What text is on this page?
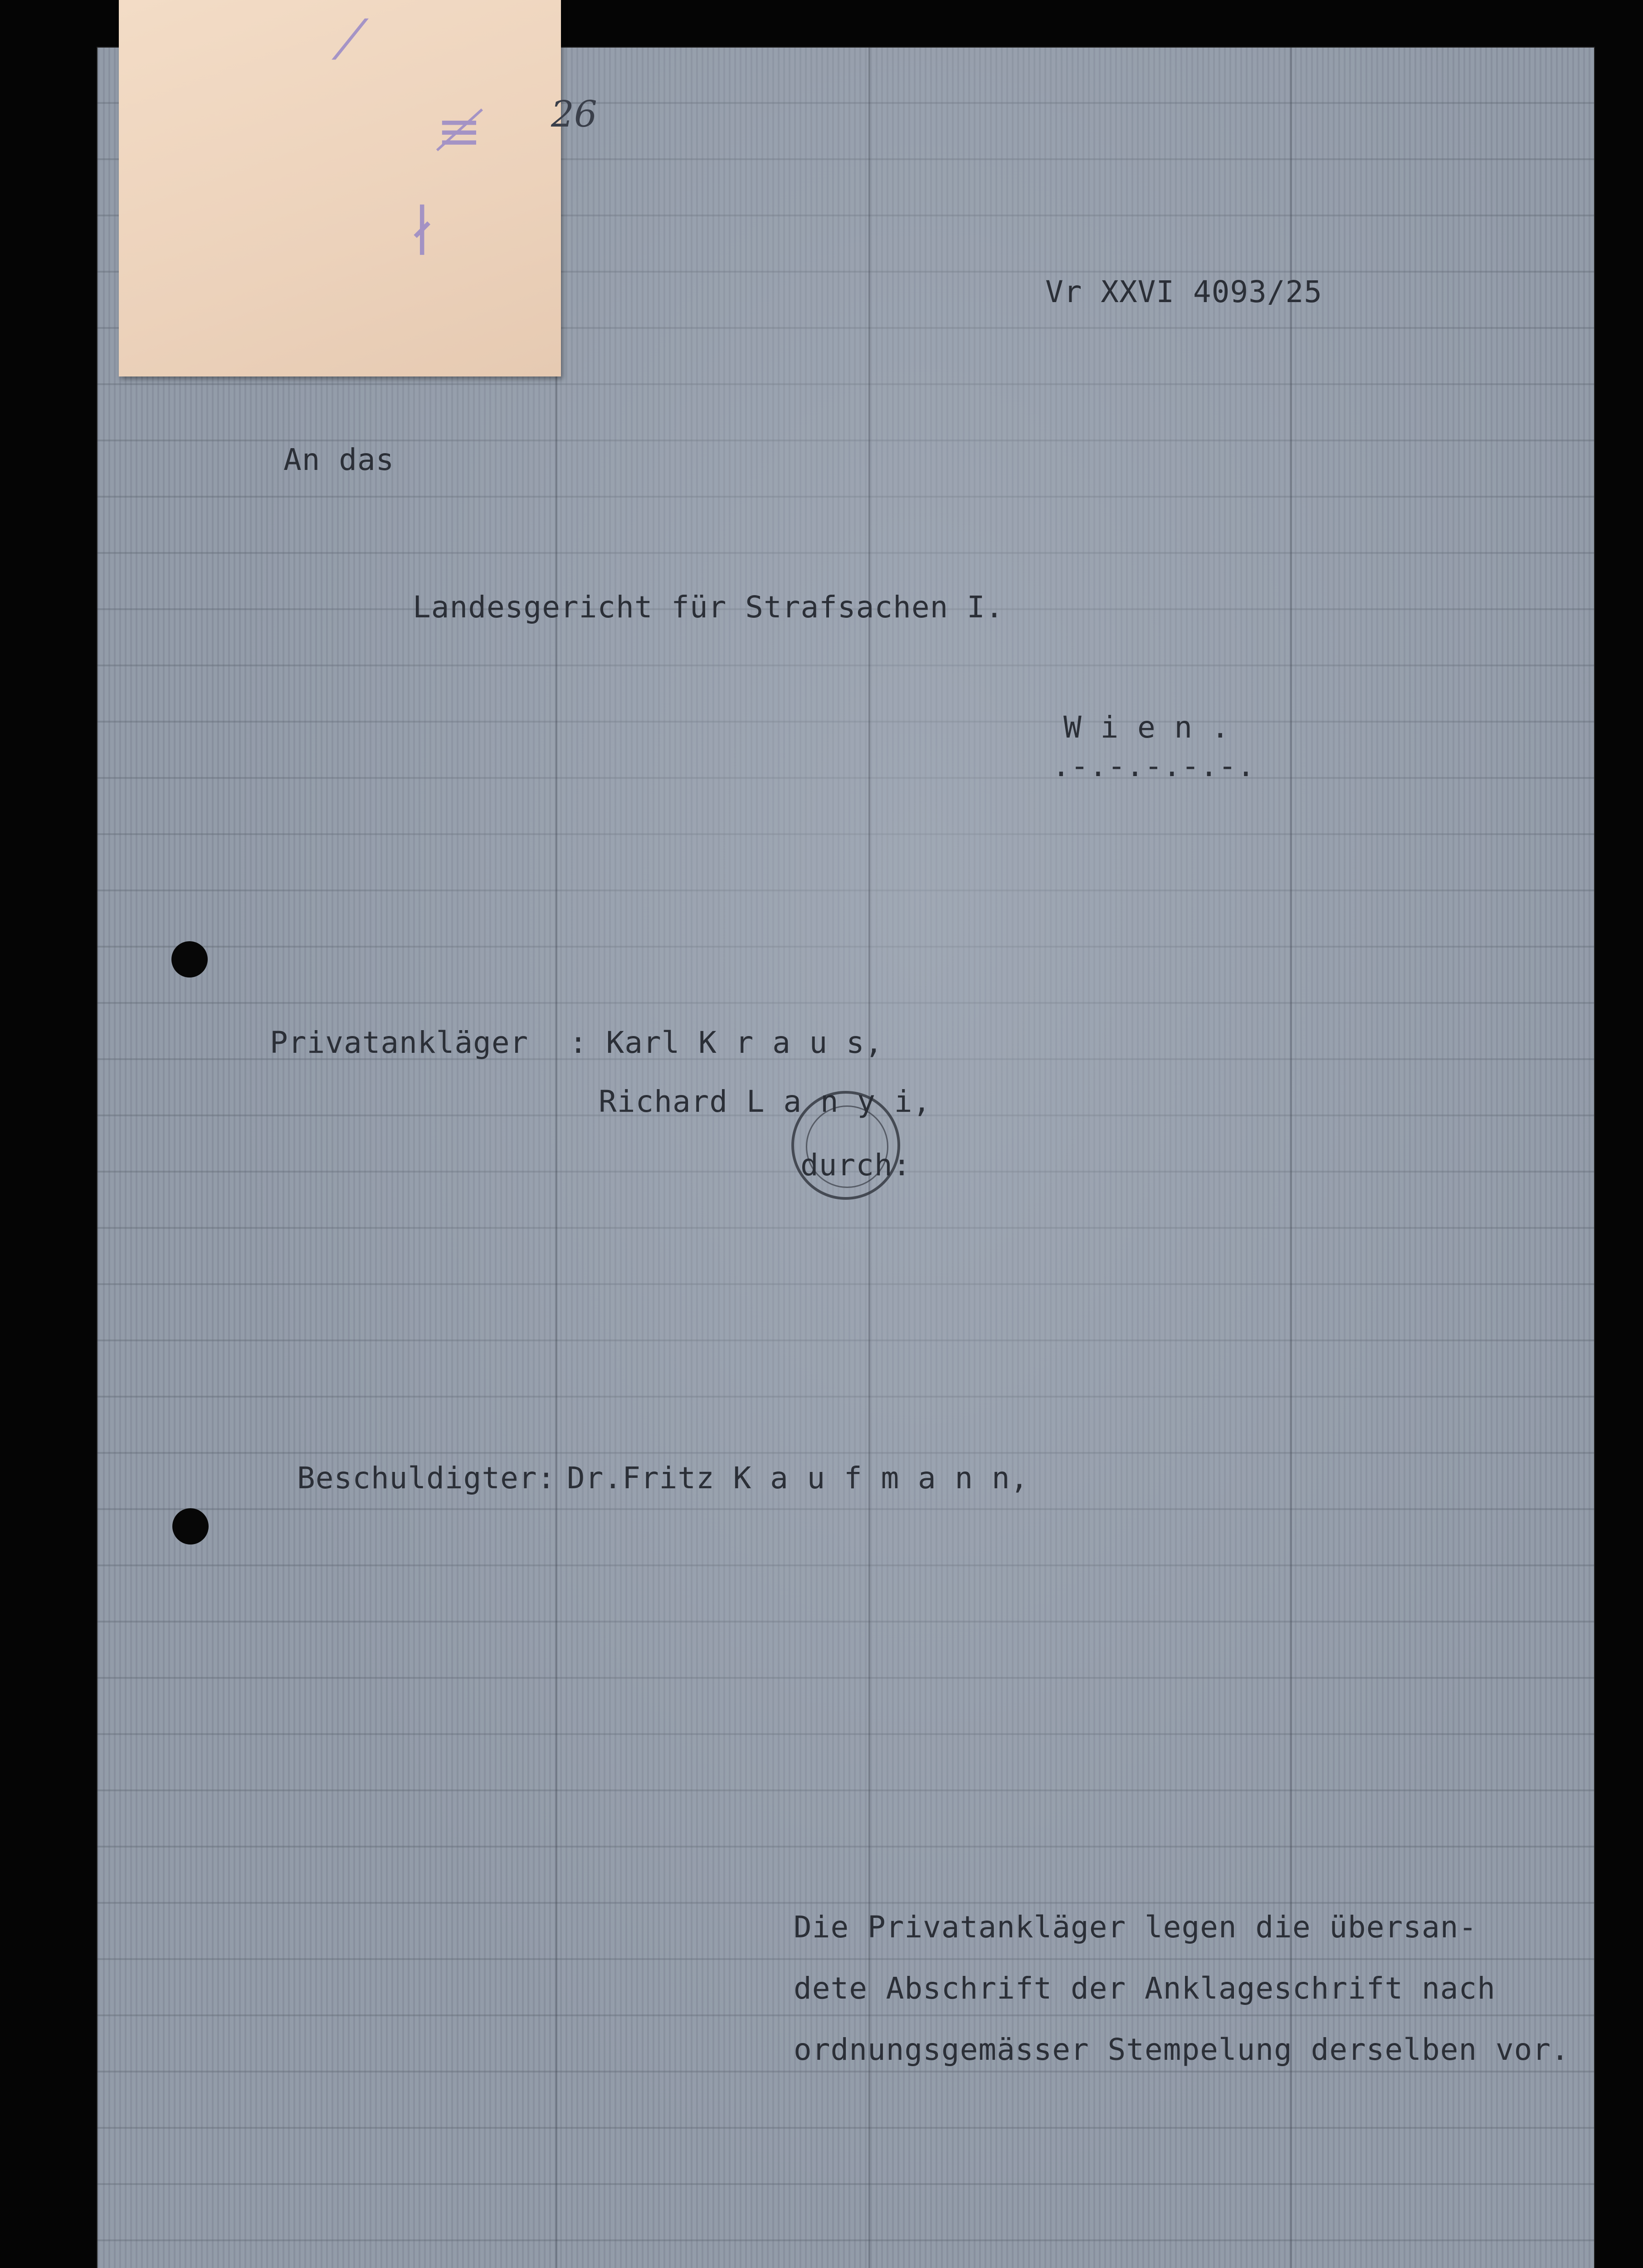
⁄
≢
∤
26
Vr XXVI 4093/25
An das
Landesgericht für Strafsachen I.
W i e n .
.-.-.-.-.-.
Privatankläger : Karl K r a u s,
Richard L a n y i,
durch:
Beschuldigter: Dr.Fritz K a u f m a n n,
Die Privatankläger legen die übersan-
dete Abschrift der Anklageschrift nach
ordnungsgemässer Stempelung derselben vor.
